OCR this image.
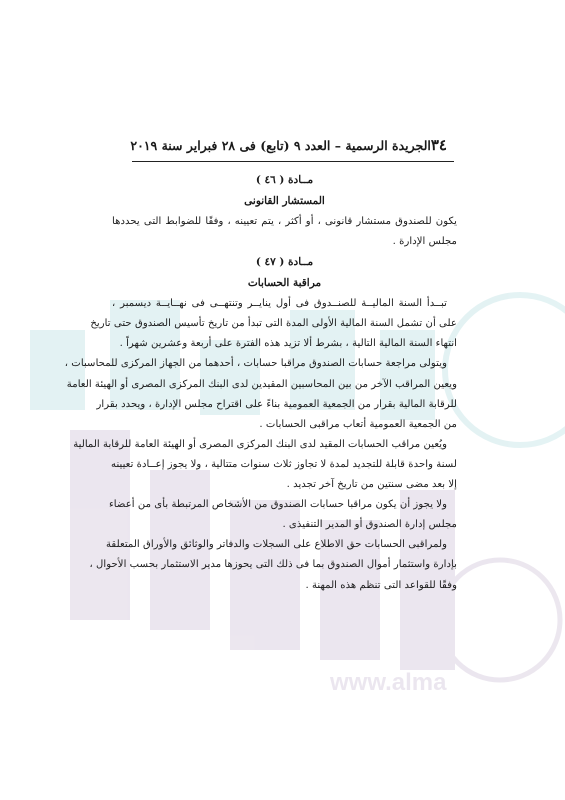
www.alma
٣٤
الجريدة الرسمية – العدد ٩ (تابع) فى ٢٨ فبراير سنة ٢٠١٩
مــادة ( ٤٦ )
المستشار القانونى
يكون للصندوق مستشار قانونى ، أو أكثر ، يتم تعيينه ، وفقًا للضوابط التى يحددها
مجلس الإدارة .
مــادة ( ٤٧ )
مراقبة الحسابات
تبــدأ السنة الماليــة للصنــدوق فى أول ينايــر وتنتهــى فى نهــايــة ديسمبر ،
على أن تشمل السنة المالية الأولى المدة التى تبدأ من تاريخ تأسيس الصندوق حتى تاريخ
انتهاء السنة المالية التالية ، بشرط ألا تزيد هذه الفترة على أربعة وعشرين شهراً .
ويتولى مراجعة حسابات الصندوق مراقبا حسابات ، أحدهما من الجهاز المركزى للمحاسبات ،
ويعين المراقب الآخر من بين المحاسبين المقيدين لدى البنك المركزى المصرى أو الهيئة العامة
للرقابة المالية بقرار من الجمعية العمومية بناءً على اقتراح مجلس الإدارة ، ويحدد بقرار
من الجمعية العمومية أتعاب مراقبى الحسابات .
ويُعين مراقب الحسابات المقيد لدى البنك المركزى المصرى أو الهيئة العامة للرقابة المالية
لسنة واحدة قابلة للتجديد لمدة لا تجاوز ثلاث سنوات متتالية ، ولا يجوز إعــادة تعيينه
إلا بعد مضى سنتين من تاريخ آخر تجديد .
ولا يجوز أن يكون مراقبا حسابات الصندوق من الأشخاص المرتبطة بأى من أعضاء
مجلس إدارة الصندوق أو المدير التنفيذى .
ولمراقبى الحسابات حق الاطلاع على السجلات والدفاتر والوثائق والأوراق المتعلقة
بإدارة واستثمار أموال الصندوق بما فى ذلك التى يحوزها مدير الاستثمار بحسب الأحوال ،
وفقًا للقواعد التى تنظم هذه المهنة .
